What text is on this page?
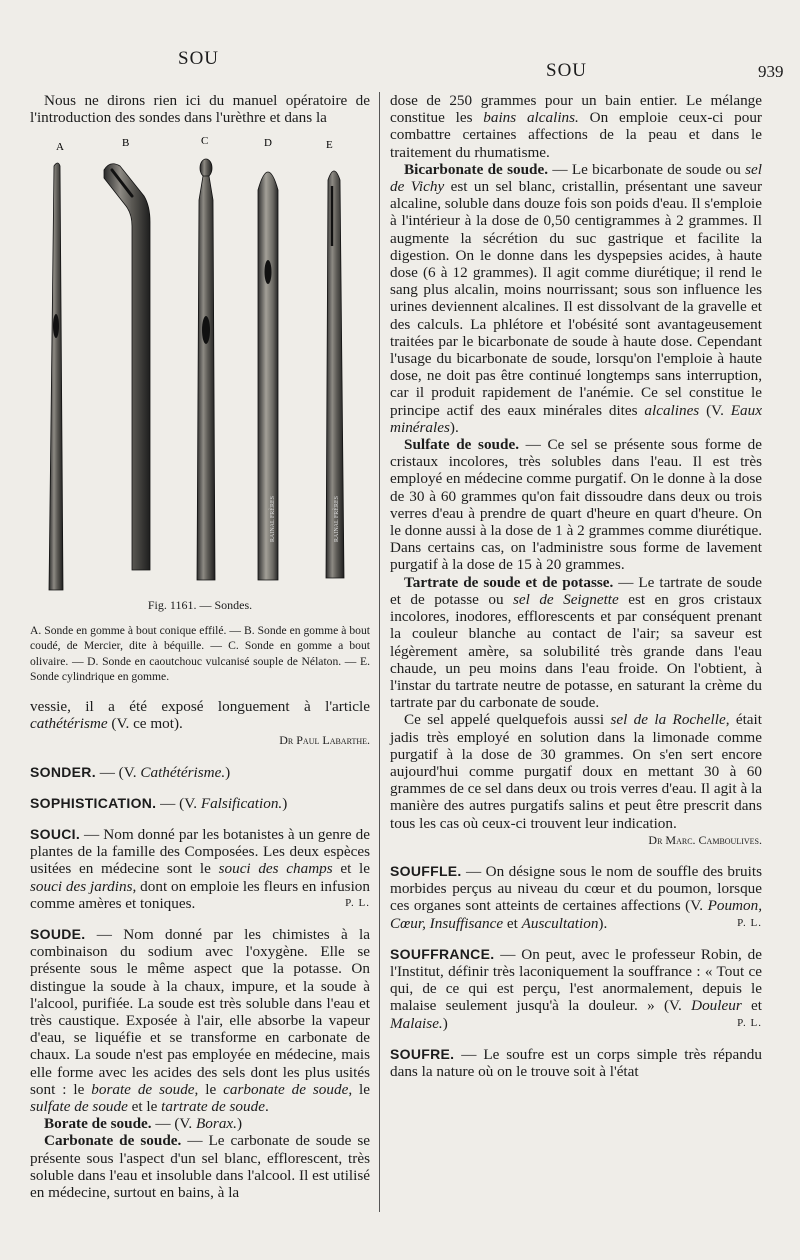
SOU
SOU	939

Nous ne dirons rien ici du manuel opératoire de l'introduction des sondes dans l'urèthre et dans la

A	B	C	D	E
RAINAL FRÈRES	RAINAL FRÈRES
Fig. 1161. — Sondes.
A. Sonde en gomme à bout conique effilé. — B. Sonde en gomme à bout coudé, de Mercier, dite à béquille. — C. Sonde en gomme a bout olivaire. — D. Sonde en caoutchouc vulcanisé souple de Nélaton. — E. Sonde cylindrique en gomme.

vessie, il a été exposé longuement à l'article cathétérisme (V. ce mot).

Dr Paul Labarthe.

SONDER. — (V. Cathétérisme.)

SOPHISTICATION. — (V. Falsification.)

SOUCI. — Nom donné par les botanistes à un genre de plantes de la famille des Composées. Les deux espèces usitées en médecine sont le souci des champs et le souci des jardins, dont on emploie les fleurs en infusion comme amères et toniques.	P. L.

SOUDE. — Nom donné par les chimistes à la combinaison du sodium avec l'oxygène. Elle se présente sous le même aspect que la potasse. On distingue la soude à la chaux, impure, et la soude à l'alcool, purifiée. La soude est très soluble dans l'eau et très caustique. Exposée à l'air, elle absorbe la vapeur d'eau, se liquéfie et se transforme en carbonate de chaux. La soude n'est pas employée en médecine, mais elle forme avec les acides des sels dont les plus usités sont : le borate de soude, le carbonate de soude, le sulfate de soude et le tartrate de soude.

Borate de soude. — (V. Borax.)

Carbonate de soude. — Le carbonate de soude se présente sous l'aspect d'un sel blanc, efflorescent, très soluble dans l'eau et insoluble dans l'alcool. Il est utilisé en médecine, surtout en bains, à la

dose de 250 grammes pour un bain entier. Le mélange constitue les bains alcalins. On emploie ceux-ci pour combattre certaines affections de la peau et dans le traitement du rhumatisme.

Bicarbonate de soude. — Le bicarbonate de soude ou sel de Vichy est un sel blanc, cristallin, présentant une saveur alcaline, soluble dans douze fois son poids d'eau. Il s'emploie à l'intérieur à la dose de 0,50 centigrammes à 2 grammes. Il augmente la sécrétion du suc gastrique et facilite la digestion. On le donne dans les dyspepsies acides, à haute dose (6 à 12 grammes). Il agit comme diurétique; il rend le sang plus alcalin, moins nourrissant; sous son influence les urines deviennent alcalines. Il est dissolvant de la gravelle et des calculs. La phlétore et l'obésité sont avantageusement traitées par le bicarbonate de soude à haute dose. Cependant l'usage du bicarbonate de soude, lorsqu'on l'emploie à haute dose, ne doit pas être continué longtemps sans interruption, car il produit rapidement de l'anémie. Ce sel constitue le principe actif des eaux minérales dites alcalines (V. Eaux minérales).

Sulfate de soude. — Ce sel se présente sous forme de cristaux incolores, très solubles dans l'eau. Il est très employé en médecine comme purgatif. On le donne à la dose de 30 à 60 grammes qu'on fait dissoudre dans deux ou trois verres d'eau à prendre de quart d'heure en quart d'heure. On le donne aussi à la dose de 1 à 2 grammes comme diurétique. Dans certains cas, on l'administre sous forme de lavement purgatif à la dose de 15 à 20 grammes.

Tartrate de soude et de potasse. — Le tartrate de soude et de potasse ou sel de Seignette est en gros cristaux incolores, inodores, efflorescents et par conséquent prenant la couleur blanche au contact de l'air; sa saveur est légèrement amère, sa solubilité très grande dans l'eau chaude, un peu moins dans l'eau froide. On l'obtient, à l'instar du tartrate neutre de potasse, en saturant la crème du tartrate par du carbonate de soude.

Ce sel appelé quelquefois aussi sel de la Rochelle, était jadis très employé en solution dans la limonade comme purgatif à la dose de 30 grammes. On s'en sert encore aujourd'hui comme purgatif doux en mettant 30 à 60 grammes de ce sel dans deux ou trois verres d'eau. Il agit à la manière des autres purgatifs salins et peut être prescrit dans tous les cas où ceux-ci trouvent leur indication.

Dr Marc. Camboulives.

SOUFFLE. — On désigne sous le nom de souffle des bruits morbides perçus au niveau du cœur et du poumon, lorsque ces organes sont atteints de certaines affections (V. Poumon, Cœur, Insuffisance et Auscultation).	P. L.

SOUFFRANCE. — On peut, avec le professeur Robin, de l'Institut, définir très laconiquement la souffrance : « Tout ce qui, de ce qui est perçu, l'est anormalement, depuis le malaise seulement jusqu'à la douleur. » (V. Douleur et Malaise.)	P. L.

SOUFRE. — Le soufre est un corps simple très répandu dans la nature où on le trouve soit à l'état
